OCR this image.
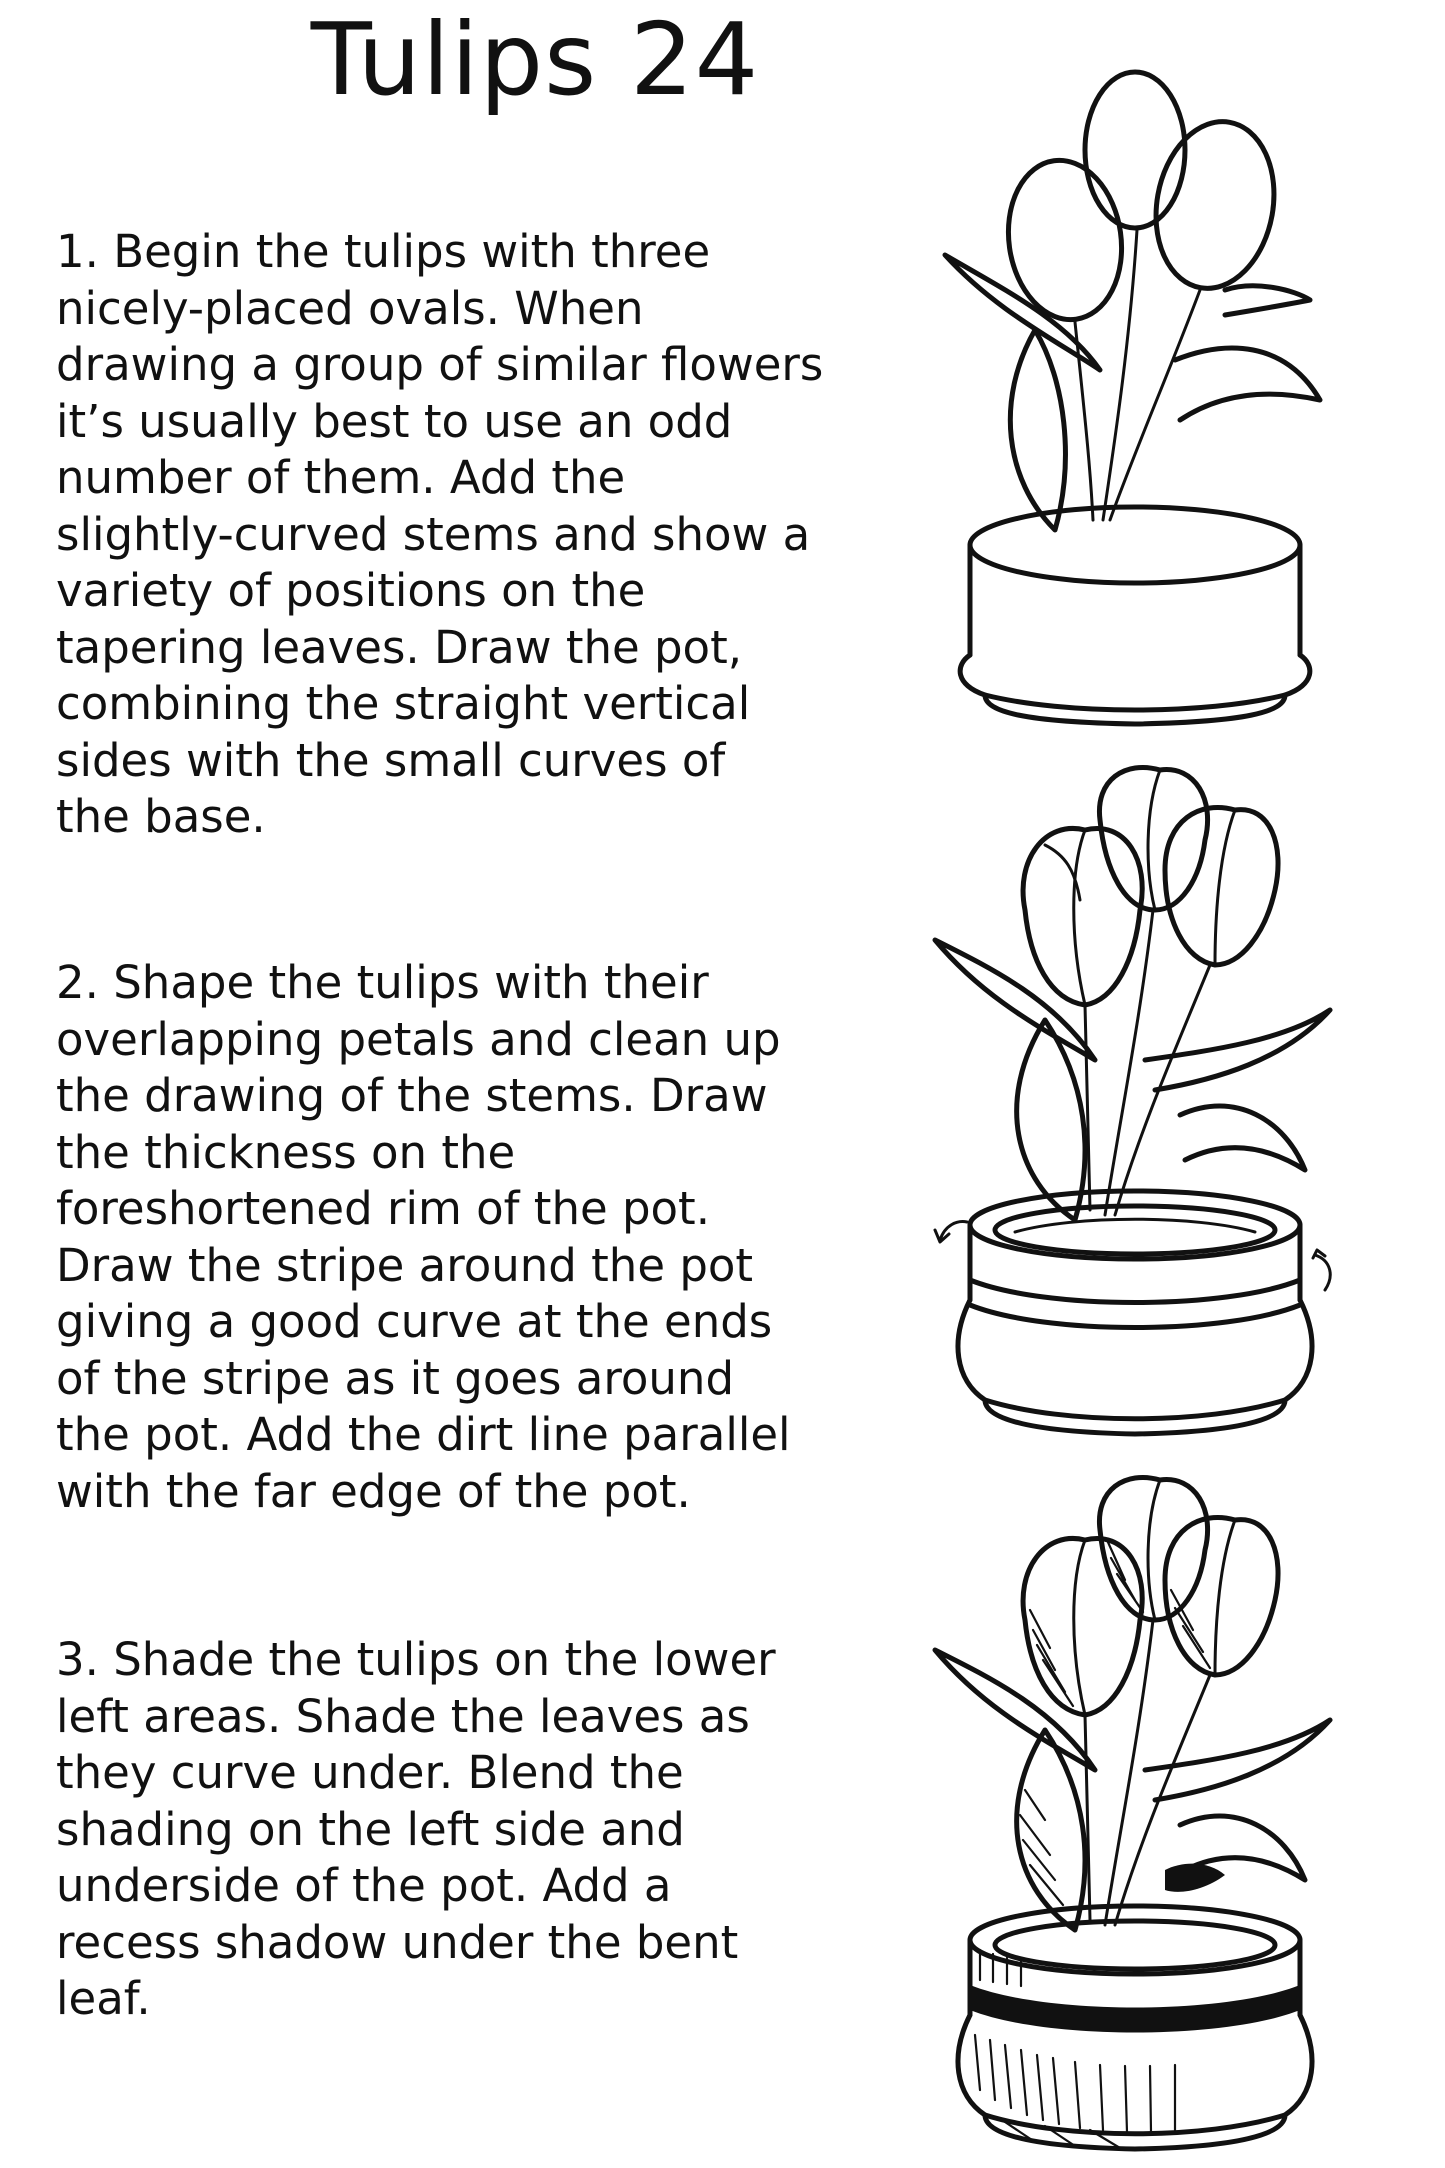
Tulips 24

1. Begin the tulips with three
nicely-placed ovals. When
drawing a group of similar flowers
it’s usually best to use an odd
number of them. Add the
slightly-curved stems and show a
variety of positions on the
tapering leaves. Draw the pot,
combining the straight vertical
sides with the small curves of
the base.

2. Shape the tulips with their
overlapping petals and clean up
the drawing of the stems. Draw
the thickness on the
foreshortened rim of the pot.
Draw the stripe around the pot
giving a good curve at the ends
of the stripe as it goes around
the pot. Add the dirt line parallel
with the far edge of the pot.

3. Shade the tulips on the lower
left areas. Shade the leaves as
they curve under. Blend the
shading on the left side and
underside of the pot. Add a
recess shadow under the bent
leaf.
